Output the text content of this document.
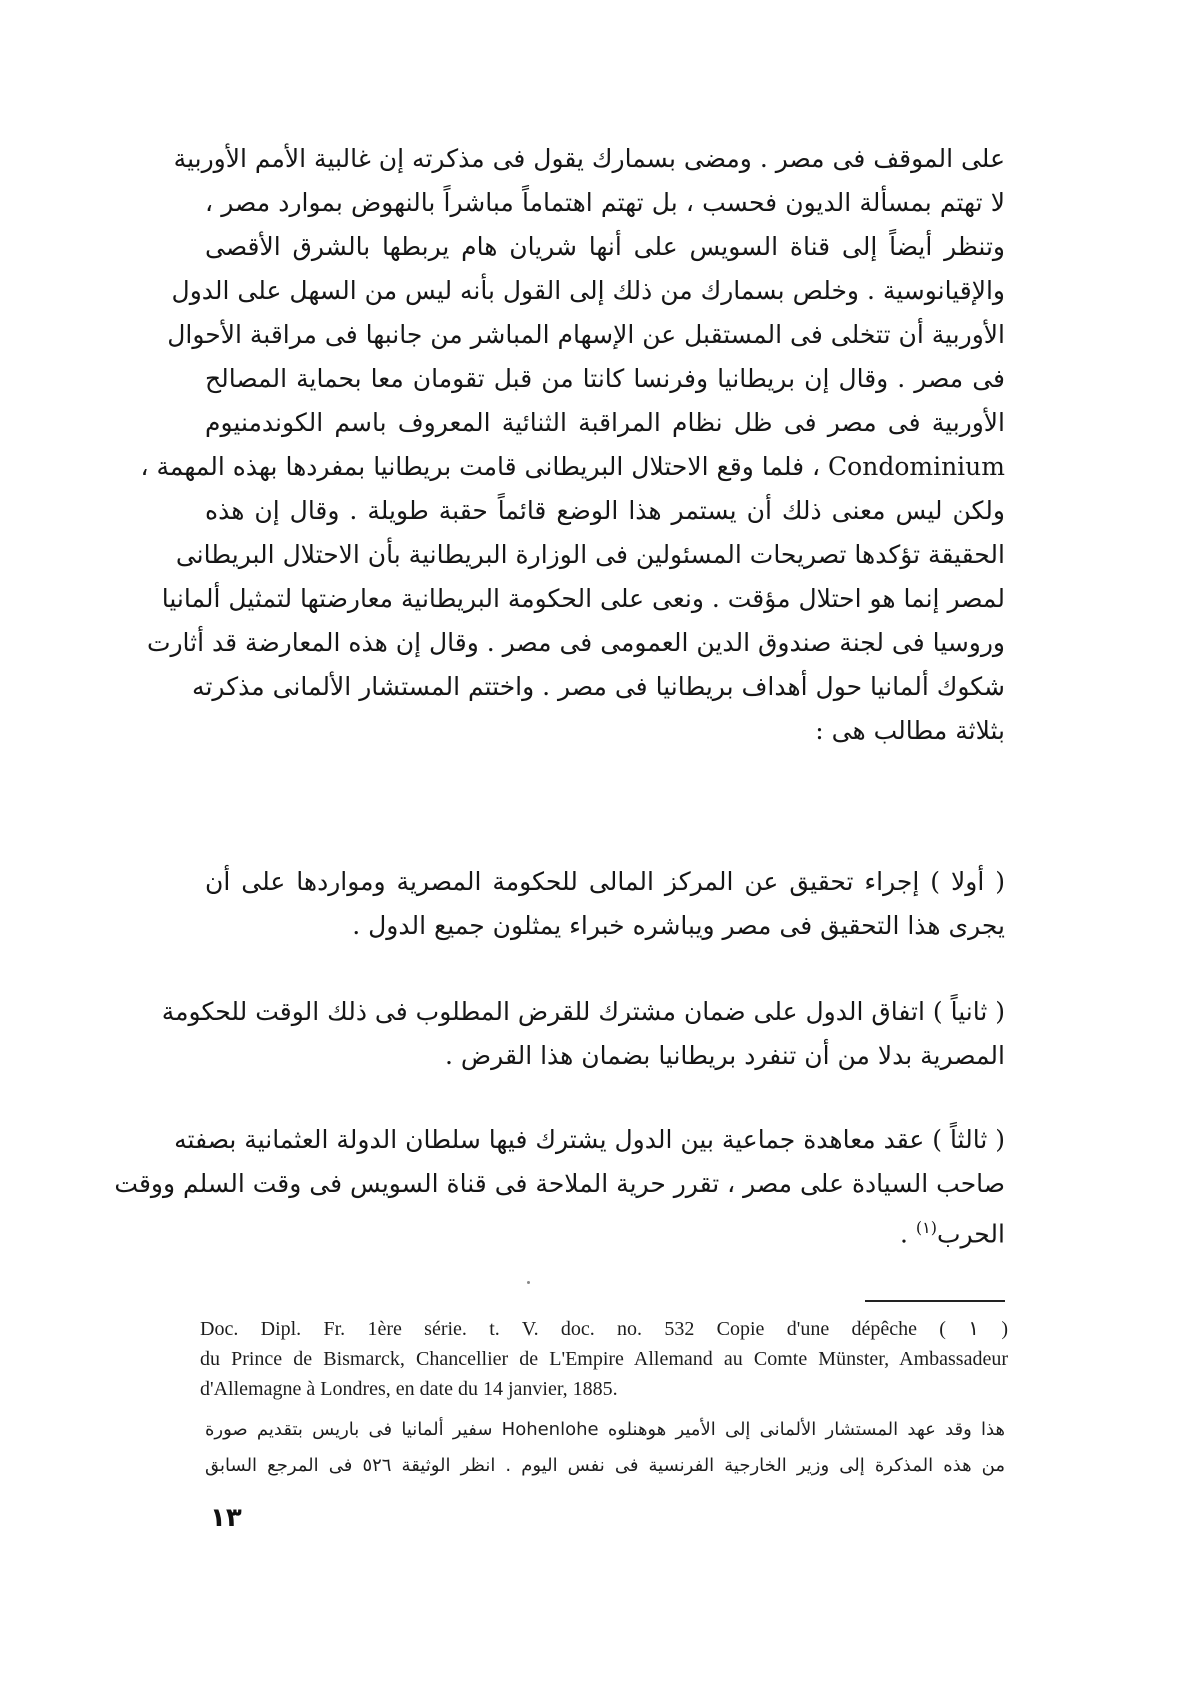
على الموقف فى مصر . ومضى بسمارك يقول فى مذكرته إن غالبية الأمم الأوربية
لا تهتم بمسألة الديون فحسب ، بل تهتم اهتماماً مباشراً بالنهوض بموارد مصر ،
وتنظر أيضاً إلى قناة السويس على أنها شريان هام يربطها بالشرق الأقصى
والإقيانوسية . وخلص بسمارك من ذلك إلى القول بأنه ليس من السهل على الدول
الأوربية أن تتخلى فى المستقبل عن الإسهام المباشر من جانبها فى مراقبة الأحوال
فى مصر . وقال إن بريطانيا وفرنسا كانتا من قبل تقومان معا بحماية المصالح
الأوربية فى مصر فى ظل نظام المراقبة الثنائية المعروف باسم الكوندمنيوم
Condominium ، فلما وقع الاحتلال البريطانى قامت بريطانيا بمفردها بهذه المهمة ،
ولكن ليس معنى ذلك أن يستمر هذا الوضع قائماً حقبة طويلة . وقال إن هذه
الحقيقة تؤكدها تصريحات المسئولين فى الوزارة البريطانية بأن الاحتلال البريطانى
لمصر إنما هو احتلال مؤقت . ونعى على الحكومة البريطانية معارضتها لتمثيل ألمانيا
وروسيا فى لجنة صندوق الدين العمومى فى مصر . وقال إن هذه المعارضة قد أثارت
شكوك ألمانيا حول أهداف بريطانيا فى مصر . واختتم المستشار الألمانى مذكرته
بثلاثة مطالب هى :
( أولا ) إجراء تحقيق عن المركز المالى للحكومة المصرية ومواردها على أن
يجرى هذا التحقيق فى مصر ويباشره خبراء يمثلون جميع الدول .
( ثانياً ) اتفاق الدول على ضمان مشترك للقرض المطلوب فى ذلك الوقت للحكومة
المصرية بدلا من أن تنفرد بريطانيا بضمان هذا القرض .
( ثالثاً ) عقد معاهدة جماعية بين الدول يشترك فيها سلطان الدولة العثمانية بصفته
صاحب السيادة على مصر ، تقرر حرية الملاحة فى قناة السويس فى وقت السلم ووقت
الحرب$^{(١)}$ .
Doc. Dipl. Fr. 1ère série. t. V. doc. no. 532 Copie d'une dépêche ( ١ )
du Prince de Bismarck, Chancellier de L'Empire Allemand au Comte Münster, Ambassadeur
d'Allemagne à Londres, en date du 14 janvier, 1885.
هذا وقد عهد المستشار الألمانى إلى الأمير هوهنلوه Hohenlohe سفير ألمانيا فى باريس بتقديم صورة
من هذه المذكرة إلى وزير الخارجية الفرنسية فى نفس اليوم . انظر الوثيقة ٥٢٦ فى المرجع السابق
١٣
